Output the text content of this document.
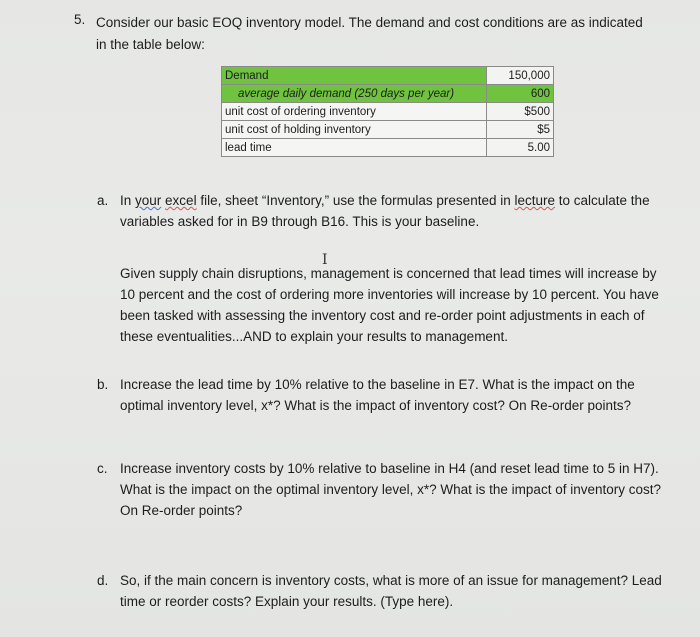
5. Consider our basic EOQ inventory model. The demand and cost conditions are as indicated in the table below:
Demand	150,000
average daily demand (250 days per year)	600
unit cost of ordering inventory	$500
unit cost of holding inventory	$5
lead time	5.00
a. In your excel file, sheet “Inventory,” use the formulas presented in lecture to calculate the
variables asked for in B9 through B16. This is your baseline.
I
Given supply chain disruptions, management is concerned that lead times will increase by 10 percent and the cost of ordering more inventories will increase by 10 percent. You have been tasked with assessing the inventory cost and re-order point adjustments in each of these eventualities...AND to explain your results to management.
b. Increase the lead time by 10% relative to the baseline in E7. What is the impact on the optimal inventory level, x*? What is the impact of inventory cost? On Re-order points?
c. Increase inventory costs by 10% relative to baseline in H4 (and reset lead time to 5 in H7). What is the impact on the optimal inventory level, x*? What is the impact of inventory cost? On Re-order points?
d. So, if the main concern is inventory costs, what is more of an issue for management? Lead time or reorder costs? Explain your results. (Type here).
